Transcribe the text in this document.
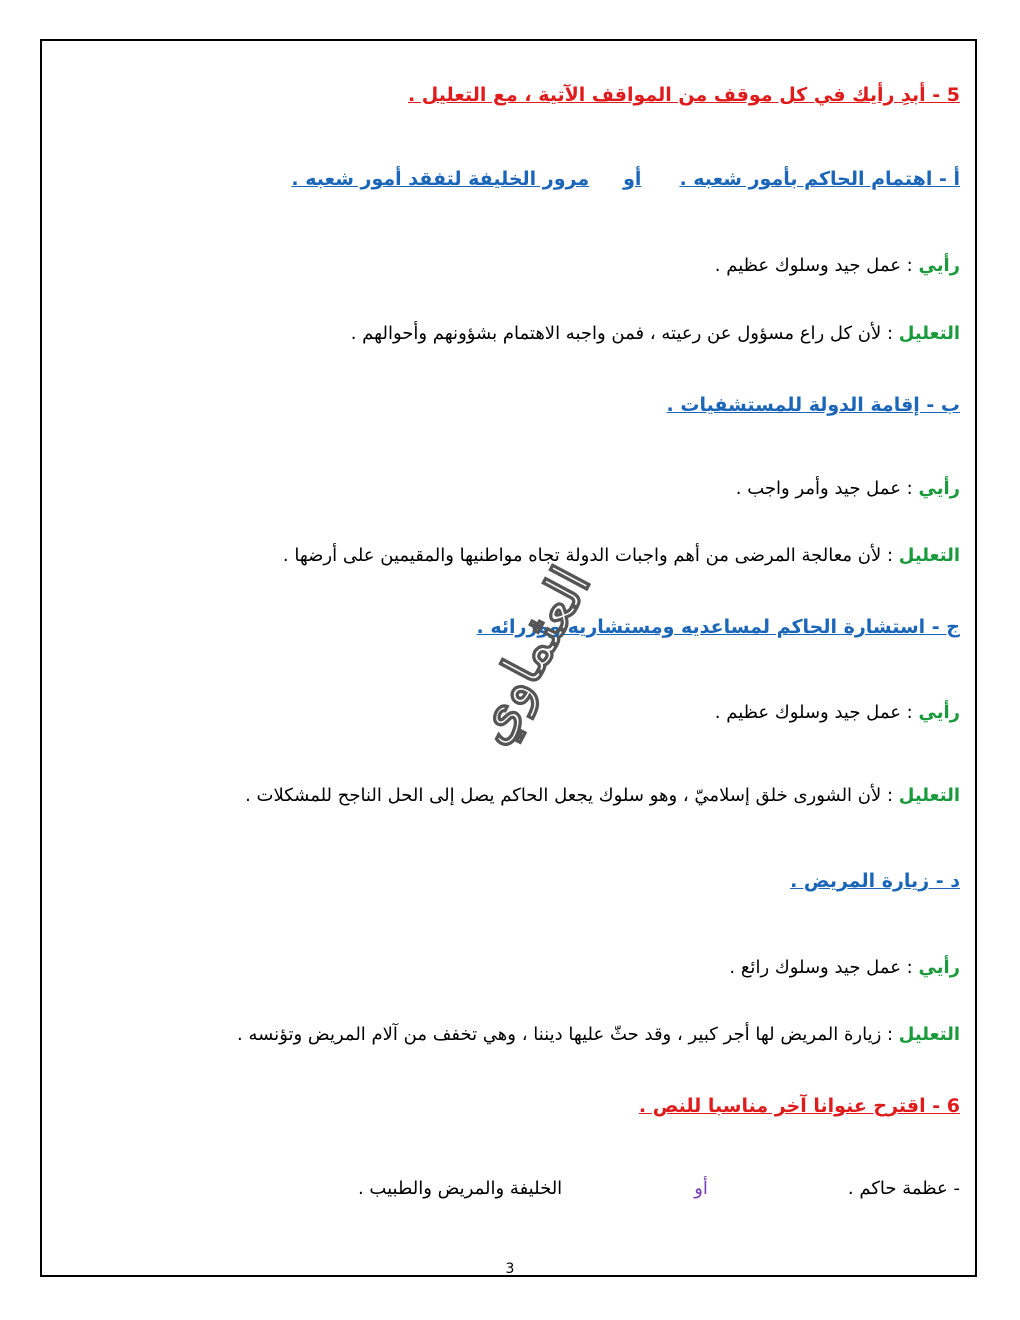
5 - أبدِ رأيك في كل موقف من المواقف الآتية ، مع التعليل .
أ - اهتمام الحاكم بأمور شعبه .أومرور الخليفة لتفقد أمور شعبه .
رأيي : عمل جيد وسلوك عظيم .
التعليل : لأن كل راع مسؤول عن رعيته ، فمن واجبه الاهتمام بشؤونهم وأحوالهم .
ب - إقامة الدولة للمستشفيات .
رأيي : عمل جيد وأمر واجب .
التعليل : لأن معالجة المرضى من أهم واجبات الدولة تجاه مواطنيها والمقيمين على أرضها .
ج - استشارة الحاكم لمساعديه ومستشاريه ووزرائه .
رأيي : عمل جيد وسلوك عظيم .
التعليل : لأن الشورى خلق إسلاميّ ، وهو سلوك يجعل الحاكم يصل إلى الحل الناجح للمشكلات .
د - زيارة المريض .
رأيي : عمل جيد وسلوك رائع .
التعليل : زيارة المريض لها أجر كبير ، وقد حثّ عليها ديننا ، وهي تخفف من آلام المريض وتؤنسه .
6 - اقترح عنوانا آخر مناسبا للنص .
- عظمة حاكم .أوالخليفة والمريض والطبيب .
العثماوي
3
